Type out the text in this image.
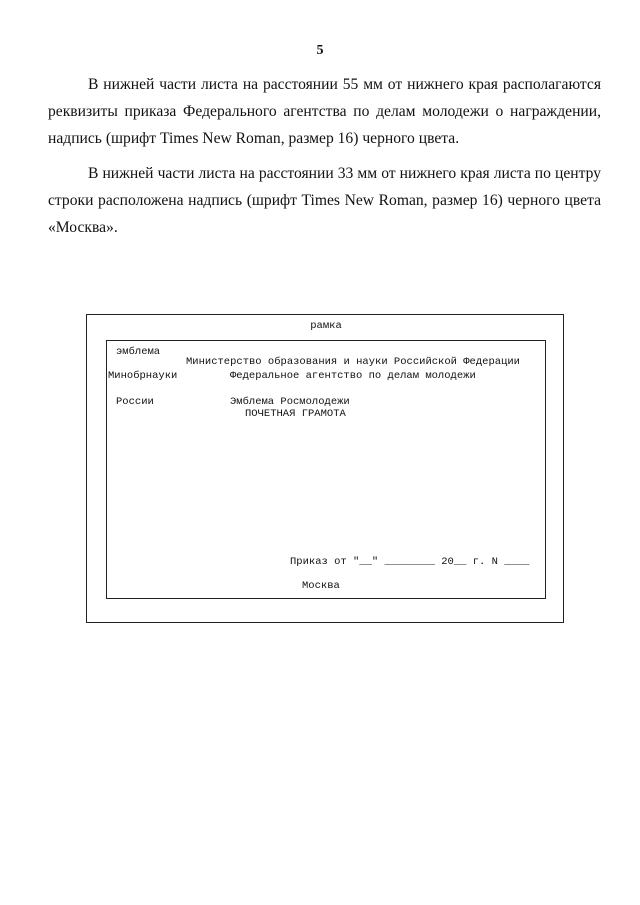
5

В нижней части листа на расстоянии 55 мм от нижнего края располагаются реквизиты приказа Федерального агентства по делам молодежи о награждении, надпись (шрифт Times New Roman, размер 16) черного цвета.

В нижней части листа на расстоянии 33 мм от нижнего края листа по центру строки расположена надпись (шрифт Times New Roman, размер 16) черного цвета «Москва».

рамка
эмблема
Министерство образования и науки Российской Федерации
Минобрнауки	Федеральное агентство по делам молодежи
России	Эмблема Росмолодежи
ПОЧЕТНАЯ ГРАМОТА
Приказ от "__" ________ 20__ г. N ____
Москва
